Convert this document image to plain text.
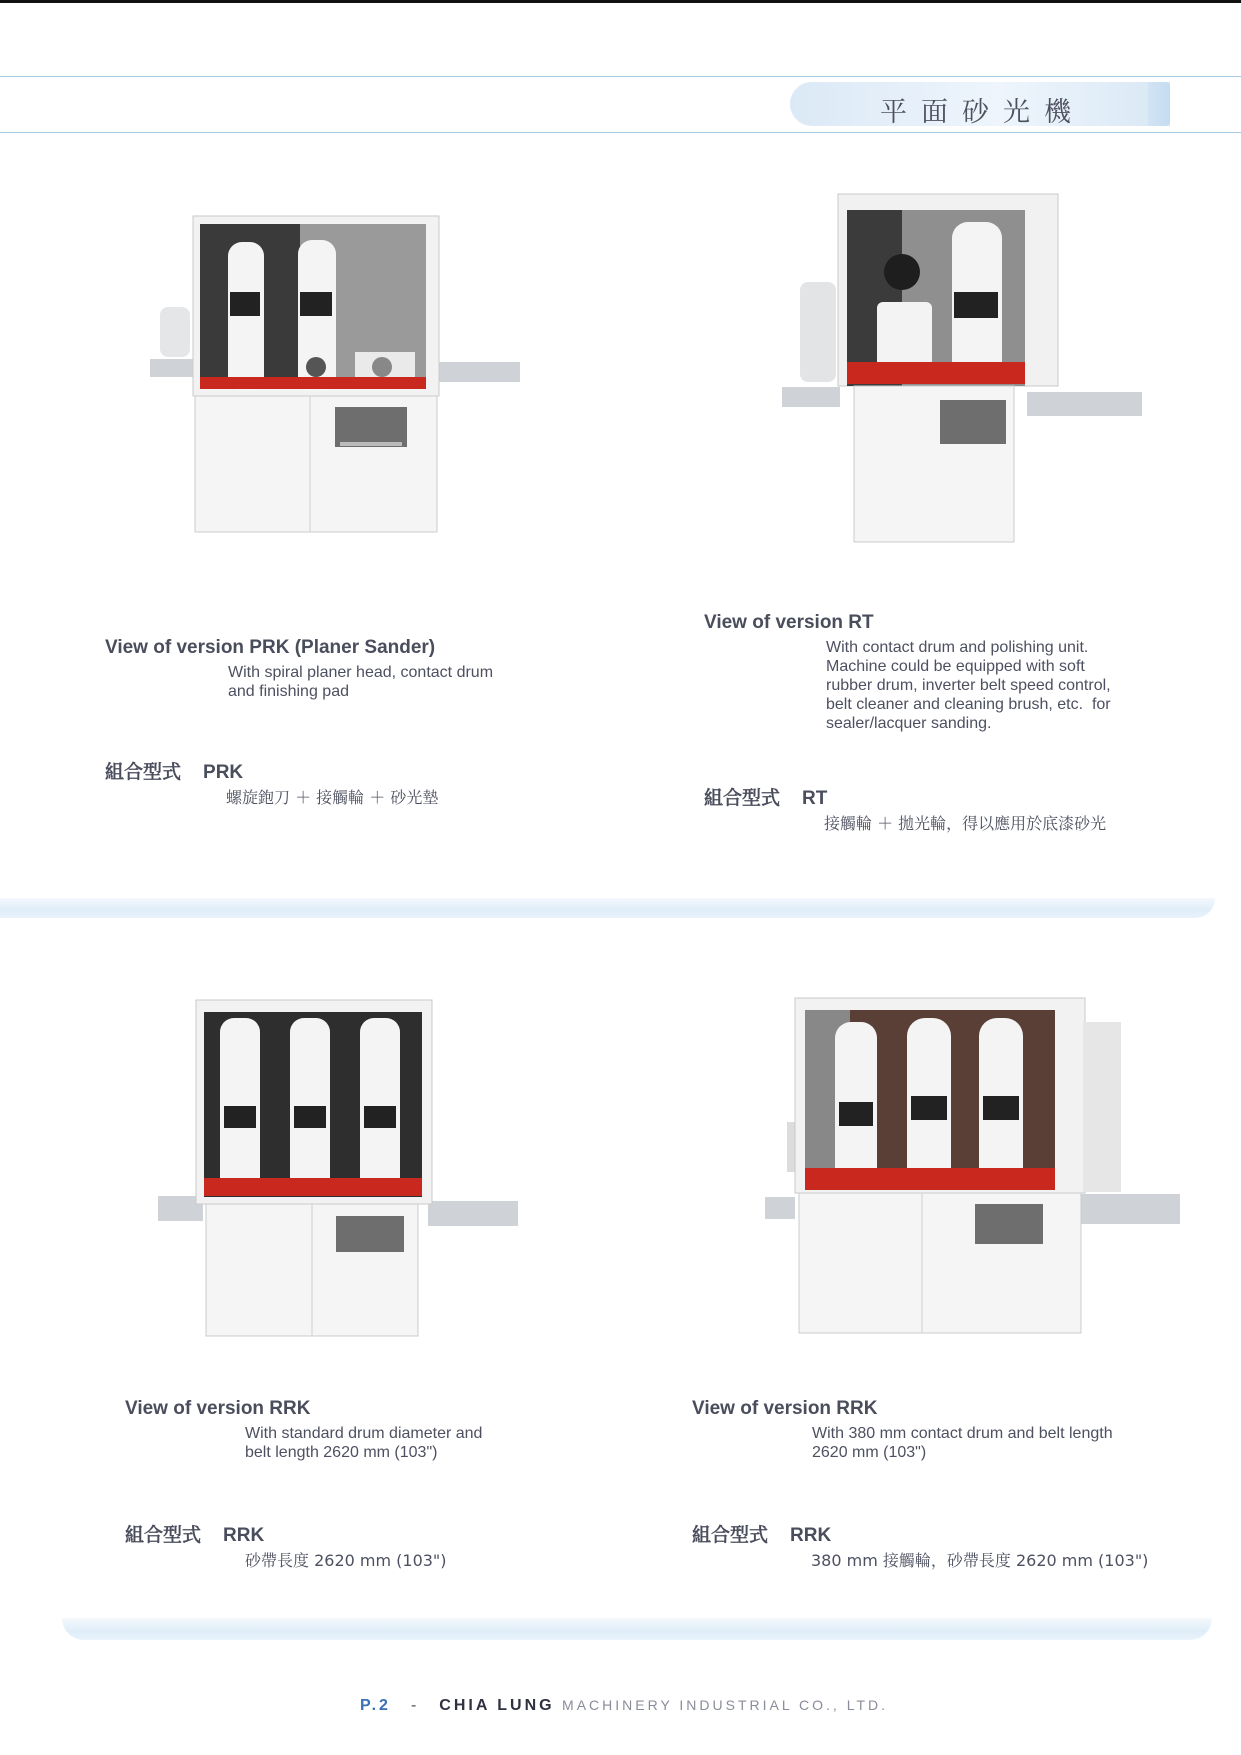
平面砂光機
View of version PRK (Planer Sander)
With spiral planer head, contact drum
and finishing pad
組合型式 PRK
螺旋鉋刀 ＋ 接觸輪 ＋ 砂光墊
View of version RT
With contact drum and polishing unit.
Machine could be equipped with soft
rubber drum, inverter belt speed control,
belt cleaner and cleaning brush, etc.  for
sealer/lacquer sanding.
組合型式 RT
接觸輪 ＋ 拋光輪，得以應用於底漆砂光
View of version RRK
With standard drum diameter and
belt length 2620 mm (103")
組合型式 RRK
砂帶長度 2620 mm (103")
View of version RRK
With 380 mm contact drum and belt length
2620 mm (103")
組合型式 RRK
380 mm 接觸輪，砂帶長度 2620 mm (103")
P.2 - CHIA LUNG MACHINERY INDUSTRIAL CO., LTD.
